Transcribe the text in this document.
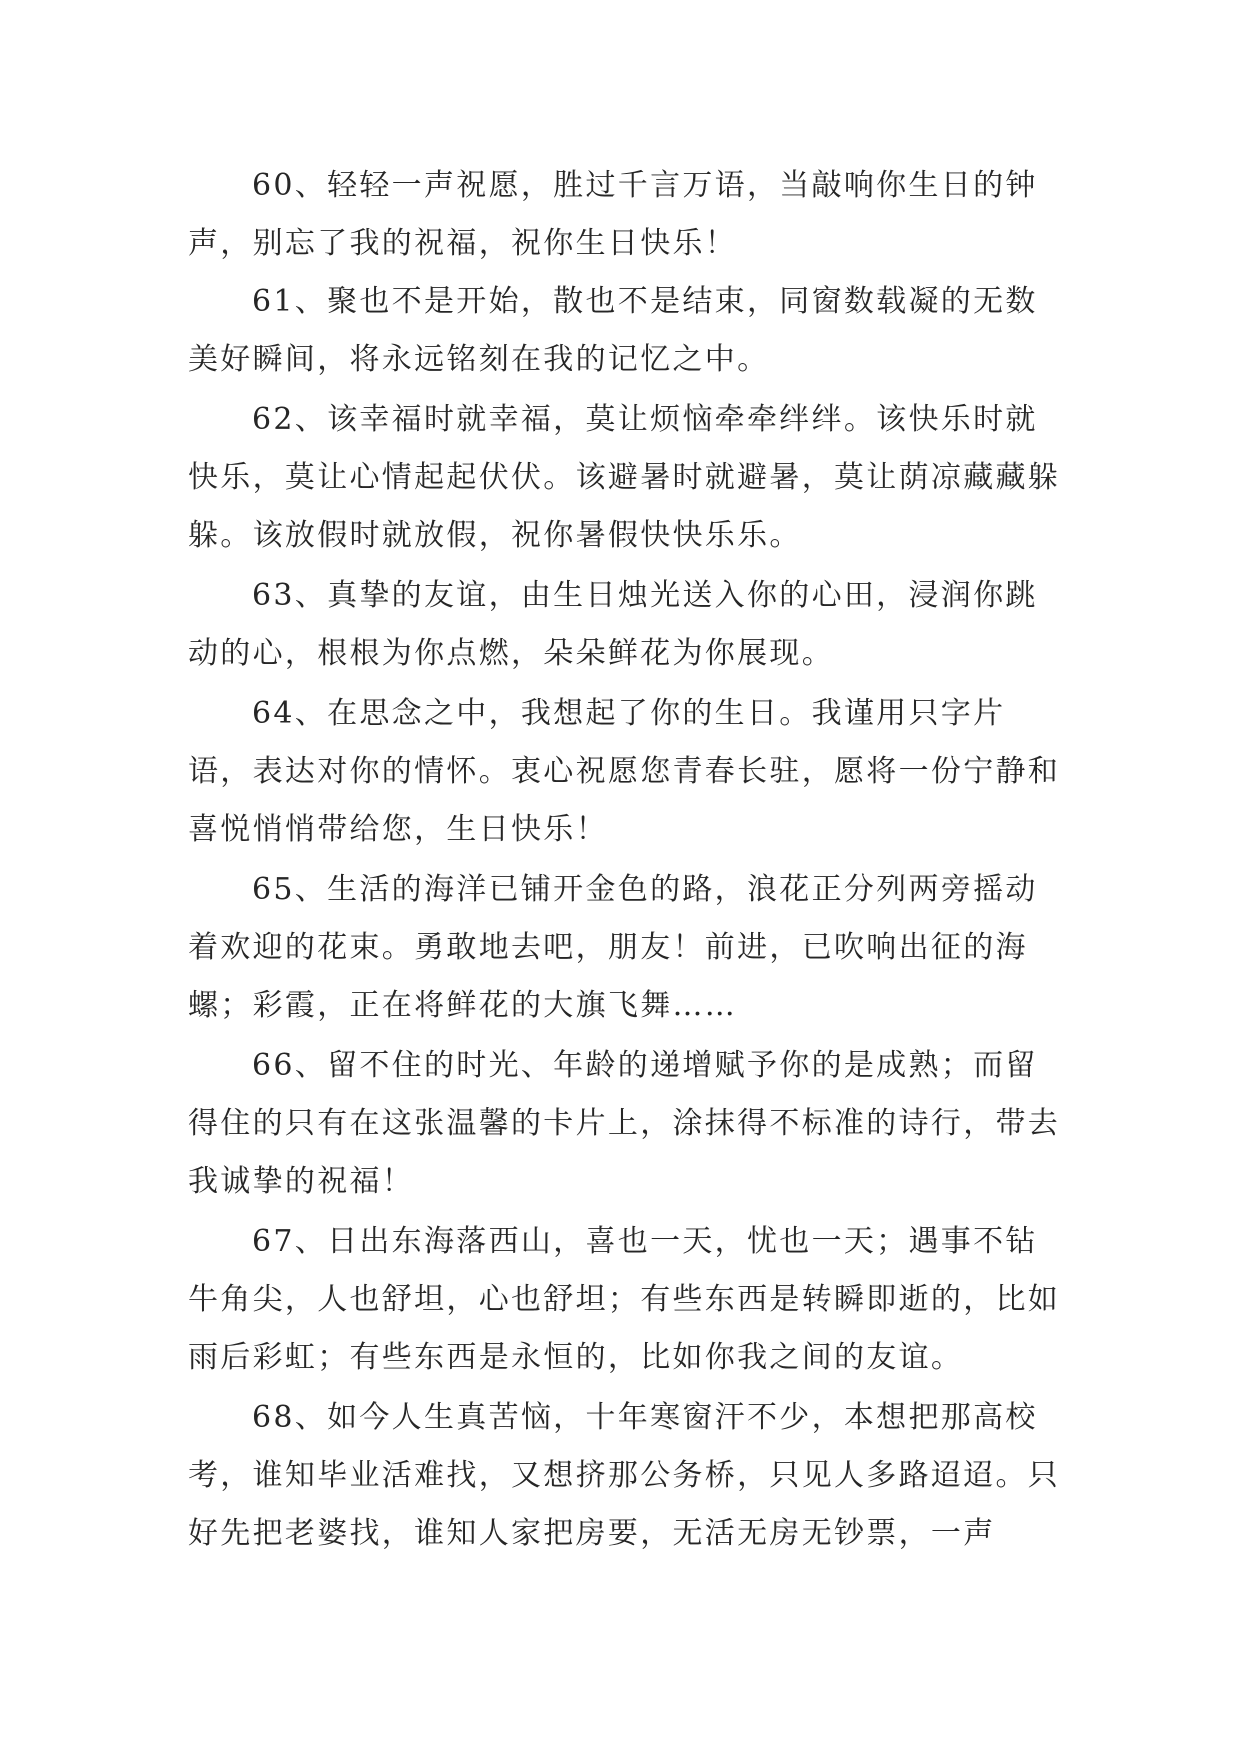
60、轻轻一声祝愿，胜过千言万语，当敲响你生日的钟声，别忘了我的祝福，祝你生日快乐！

61、聚也不是开始，散也不是结束，同窗数载凝的无数美好瞬间，将永远铭刻在我的记忆之中。

62、该幸福时就幸福，莫让烦恼牵牵绊绊。该快乐时就快乐，莫让心情起起伏伏。该避暑时就避暑，莫让荫凉藏藏躲躲。该放假时就放假，祝你暑假快快乐乐。

63、真挚的友谊，由生日烛光送入你的心田，浸润你跳动的心，根根为你点燃，朵朵鲜花为你展现。

64、在思念之中，我想起了你的生日。我谨用只字片语，表达对你的情怀。衷心祝愿您青春长驻，愿将一份宁静和喜悦悄悄带给您，生日快乐！

65、生活的海洋已铺开金色的路，浪花正分列两旁摇动着欢迎的花束。勇敢地去吧，朋友！前进，已吹响出征的海螺；彩霞，正在将鲜花的大旗飞舞……

66、留不住的时光、年龄的递增赋予你的是成熟；而留得住的只有在这张温馨的卡片上，涂抹得不标准的诗行，带去我诚挚的祝福！

67、日出东海落西山，喜也一天，忧也一天；遇事不钻牛角尖，人也舒坦，心也舒坦；有些东西是转瞬即逝的，比如雨后彩虹；有些东西是永恒的，比如你我之间的友谊。

68、如今人生真苦恼，十年寒窗汗不少，本想把那高校考，谁知毕业活难找，又想挤那公务桥，只见人多路迢迢。只好先把老婆找，谁知人家把房要，无活无房无钞票，一声
